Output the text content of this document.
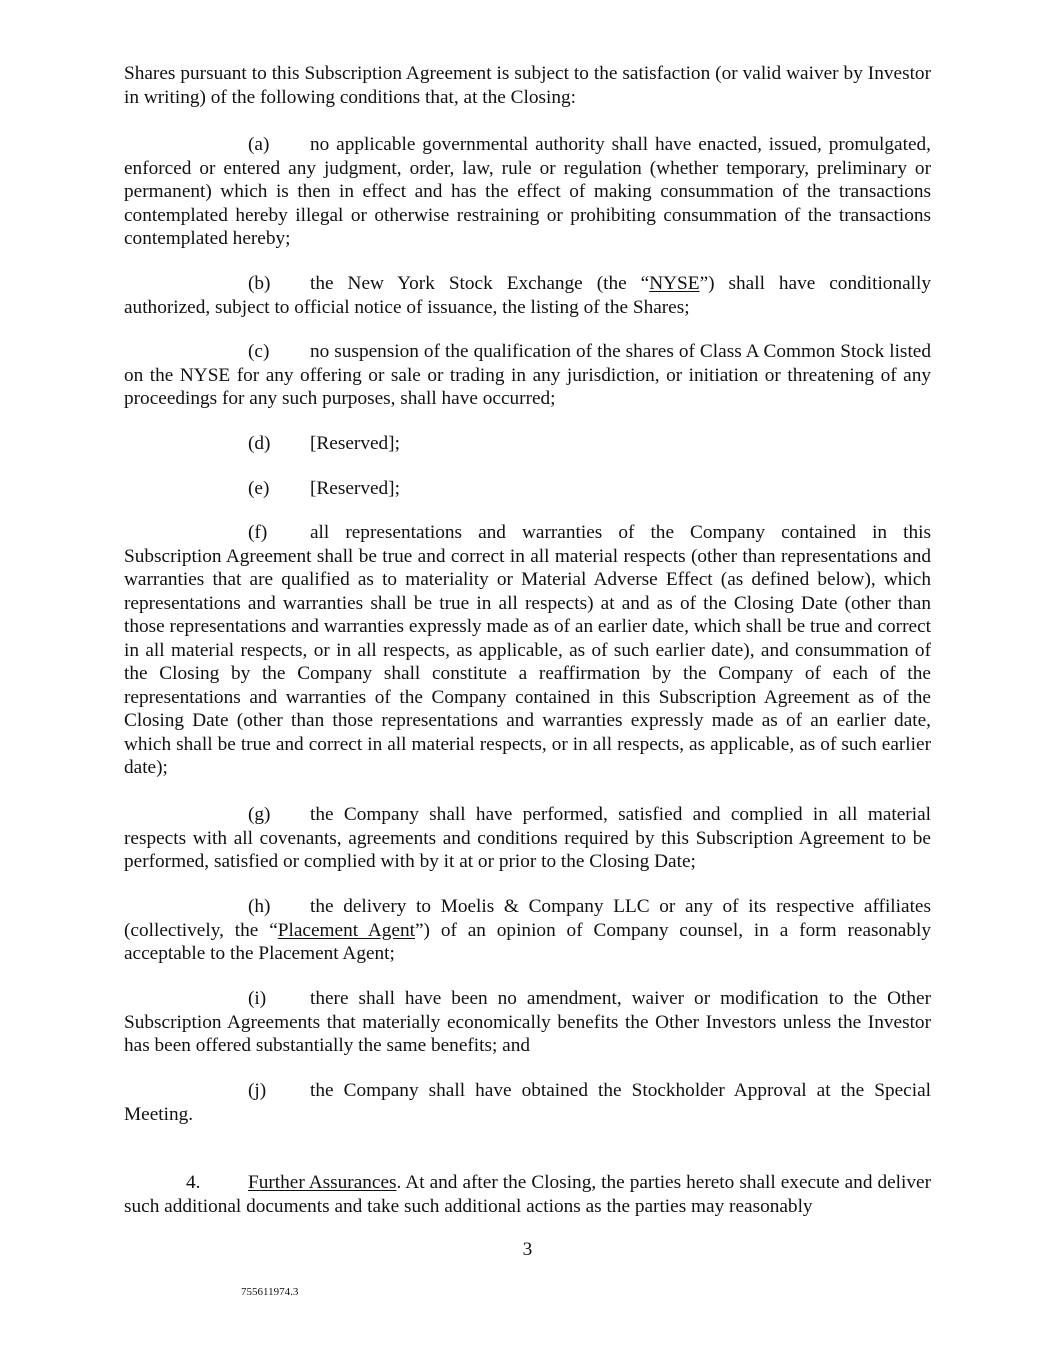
Shares pursuant to this Subscription Agreement is subject to the satisfaction (or valid waiver by Investor in writing) of the following conditions that, at the Closing:

(a) no applicable governmental authority shall have enacted, issued, promulgated, enforced or entered any judgment, order, law, rule or regulation (whether temporary, preliminary or permanent) which is then in effect and has the effect of making consummation of the transactions contemplated hereby illegal or otherwise restraining or prohibiting consummation of the transactions contemplated hereby;

(b) the New York Stock Exchange (the “NYSE”) shall have conditionally authorized, subject to official notice of issuance, the listing of the Shares;

(c) no suspension of the qualification of the shares of Class A Common Stock listed on the NYSE for any offering or sale or trading in any jurisdiction, or initiation or threatening of any proceedings for any such purposes, shall have occurred;

(d) [Reserved];

(e) [Reserved];

(f) all representations and warranties of the Company contained in this Subscription Agreement shall be true and correct in all material respects (other than representations and warranties that are qualified as to materiality or Material Adverse Effect (as defined below), which representations and warranties shall be true in all respects) at and as of the Closing Date (other than those representations and warranties expressly made as of an earlier date, which shall be true and correct in all material respects, or in all respects, as applicable, as of such earlier date), and consummation of the Closing by the Company shall constitute a reaffirmation by the Company of each of the representations and warranties of the Company contained in this Subscription Agreement as of the Closing Date (other than those representations and warranties expressly made as of an earlier date, which shall be true and correct in all material respects, or in all respects, as applicable, as of such earlier date);

(g) the Company shall have performed, satisfied and complied in all material respects with all covenants, agreements and conditions required by this Subscription Agreement to be performed, satisfied or complied with by it at or prior to the Closing Date;

(h) the delivery to Moelis & Company LLC or any of its respective affiliates (collectively, the “Placement Agent”) of an opinion of Company counsel, in a form reasonably acceptable to the Placement Agent;

(i) there shall have been no amendment, waiver or modification to the Other Subscription Agreements that materially economically benefits the Other Investors unless the Investor has been offered substantially the same benefits; and

(j) the Company shall have obtained the Stockholder Approval at the Special Meeting.

4. Further Assurances. At and after the Closing, the parties hereto shall execute and deliver such additional documents and take such additional actions as the parties may reasonably

3

755611974.3
